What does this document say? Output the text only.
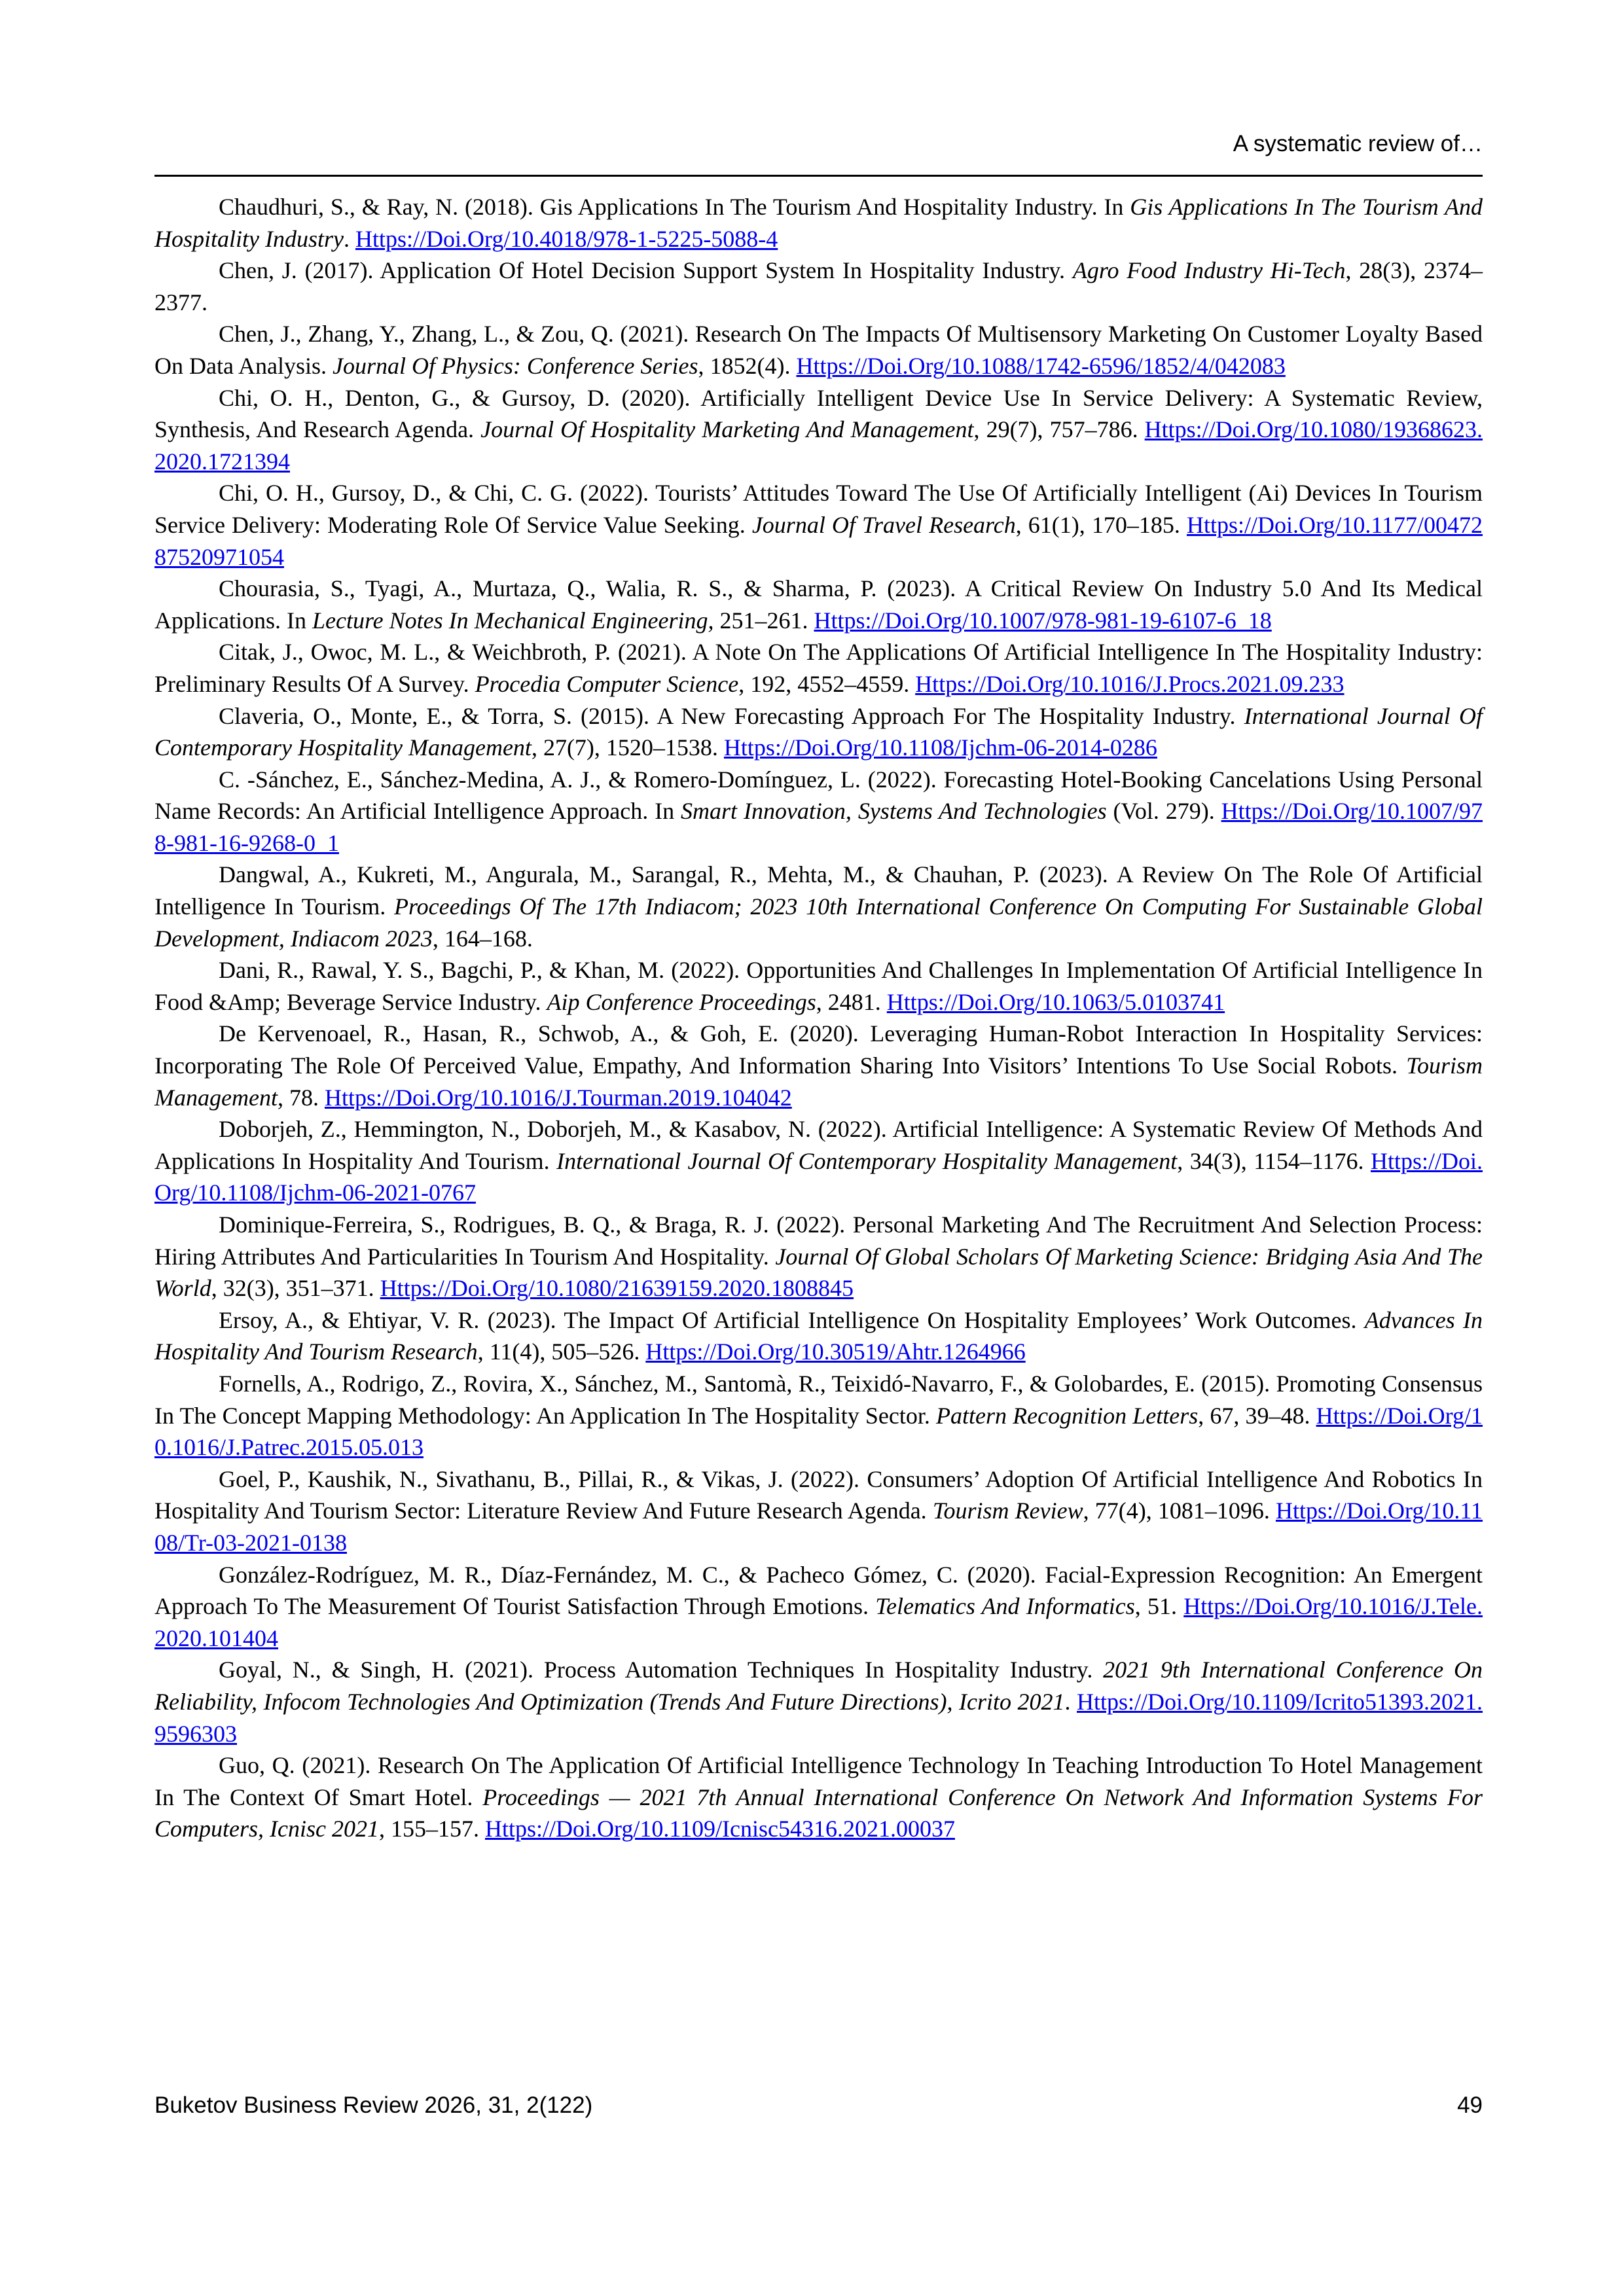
A systematic review of…

Chaudhuri, S., & Ray, N. (2018). Gis Applications In The Tourism And Hospitality Industry. In Gis Applications In The Tourism And Hospitality Industry. Https://Doi.Org/10.4018/978-1-5225-5088-4

Chen, J. (2017). Application Of Hotel Decision Support System In Hospitality Industry. Agro Food Industry Hi-Tech, 28(3), 2374–2377.

Chen, J., Zhang, Y., Zhang, L., & Zou, Q. (2021). Research On The Impacts Of Multisensory Marketing On Customer Loyalty Based On Data Analysis. Journal Of Physics: Conference Series, 1852(4). Https://Doi.Org/10.1088/1742-6596/1852/4/042083

Chi, O. H., Denton, G., & Gursoy, D. (2020). Artificially Intelligent Device Use In Service Delivery: A Systematic Review, Synthesis, And Research Agenda. Journal Of Hospitality Marketing And Management, 29(7), 757–786. Https://Doi.Org/10.1080/19368623.2020.1721394

Chi, O. H., Gursoy, D., & Chi, C. G. (2022). Tourists’ Attitudes Toward The Use Of Artificially Intelligent (Ai) Devices In Tourism Service Delivery: Moderating Role Of Service Value Seeking. Journal Of Travel Research, 61(1), 170–185. Https://Doi.Org/10.1177/0047287520971054

Chourasia, S., Tyagi, A., Murtaza, Q., Walia, R. S., & Sharma, P. (2023). A Critical Review On Industry 5.0 And Its Medical Applications. In Lecture Notes In Mechanical Engineering, 251–261. Https://Doi.Org/10.1007/978-981-19-6107-6_18

Citak, J., Owoc, M. L., & Weichbroth, P. (2021). A Note On The Applications Of Artificial Intelligence In The Hospitality Industry: Preliminary Results Of A Survey. Procedia Computer Science, 192, 4552–4559. Https://Doi.Org/10.1016/J.Procs.2021.09.233

Claveria, O., Monte, E., & Torra, S. (2015). A New Forecasting Approach For The Hospitality Industry. International Journal Of Contemporary Hospitality Management, 27(7), 1520–1538. Https://Doi.Org/10.1108/Ijchm-06-2014-0286

C. -Sánchez, E., Sánchez-Medina, A. J., & Romero-Domínguez, L. (2022). Forecasting Hotel-Booking Cancelations Using Personal Name Records: An Artificial Intelligence Approach. In Smart Innovation, Systems And Technologies (Vol. 279). Https://Doi.Org/10.1007/978-981-16-9268-0_1

Dangwal, A., Kukreti, M., Angurala, M., Sarangal, R., Mehta, M., & Chauhan, P. (2023). A Review On The Role Of Artificial Intelligence In Tourism. Proceedings Of The 17th Indiacom; 2023 10th International Conference On Computing For Sustainable Global Development, Indiacom 2023, 164–168.

Dani, R., Rawal, Y. S., Bagchi, P., & Khan, M. (2022). Opportunities And Challenges In Implementation Of Artificial Intelligence In Food &Amp; Beverage Service Industry. Aip Conference Proceedings, 2481. Https://Doi.Org/10.1063/5.0103741

De Kervenoael, R., Hasan, R., Schwob, A., & Goh, E. (2020). Leveraging Human-Robot Interaction In Hospitality Services: Incorporating The Role Of Perceived Value, Empathy, And Information Sharing Into Visitors’ Intentions To Use Social Robots. Tourism Management, 78. Https://Doi.Org/10.1016/J.Tourman.2019.104042

Doborjeh, Z., Hemmington, N., Doborjeh, M., & Kasabov, N. (2022). Artificial Intelligence: A Systematic Review Of Methods And Applications In Hospitality And Tourism. International Journal Of Contemporary Hospitality Management, 34(3), 1154–1176. Https://Doi.Org/10.1108/Ijchm-06-2021-0767

Dominique-Ferreira, S., Rodrigues, B. Q., & Braga, R. J. (2022). Personal Marketing And The Recruitment And Selection Process: Hiring Attributes And Particularities In Tourism And Hospitality. Journal Of Global Scholars Of Marketing Science: Bridging Asia And The World, 32(3), 351–371. Https://Doi.Org/10.1080/21639159.2020.1808845

Ersoy, A., & Ehtiyar, V. R. (2023). The Impact Of Artificial Intelligence On Hospitality Employees’ Work Outcomes. Advances In Hospitality And Tourism Research, 11(4), 505–526. Https://Doi.Org/10.30519/Ahtr.1264966

Fornells, A., Rodrigo, Z., Rovira, X., Sánchez, M., Santomà, R., Teixidó-Navarro, F., & Golobardes, E. (2015). Promoting Consensus In The Concept Mapping Methodology: An Application In The Hospitality Sector. Pattern Recognition Letters, 67, 39–48. Https://Doi.Org/10.1016/J.Patrec.2015.05.013

Goel, P., Kaushik, N., Sivathanu, B., Pillai, R., & Vikas, J. (2022). Consumers’ Adoption Of Artificial Intelligence And Robotics In Hospitality And Tourism Sector: Literature Review And Future Research Agenda. Tourism Review, 77(4), 1081–1096. Https://Doi.Org/10.1108/Tr-03-2021-0138

González-Rodríguez, M. R., Díaz-Fernández, M. C., & Pacheco Gómez, C. (2020). Facial-Expression Recognition: An Emergent Approach To The Measurement Of Tourist Satisfaction Through Emotions. Telematics And Informatics, 51. Https://Doi.Org/10.1016/J.Tele.2020.101404

Goyal, N., & Singh, H. (2021). Process Automation Techniques In Hospitality Industry. 2021 9th International Conference On Reliability, Infocom Technologies And Optimization (Trends And Future Directions), Icrito 2021. Https://Doi.Org/10.1109/Icrito51393.2021.9596303

Guo, Q. (2021). Research On The Application Of Artificial Intelligence Technology In Teaching Introduction To Hotel Management In The Context Of Smart Hotel. Proceedings — 2021 7th Annual International Conference On Network And Information Systems For Computers, Icnisc 2021, 155–157. Https://Doi.Org/10.1109/Icnisc54316.2021.00037

Buketov Business Review 2026, 31, 2(122)	49
